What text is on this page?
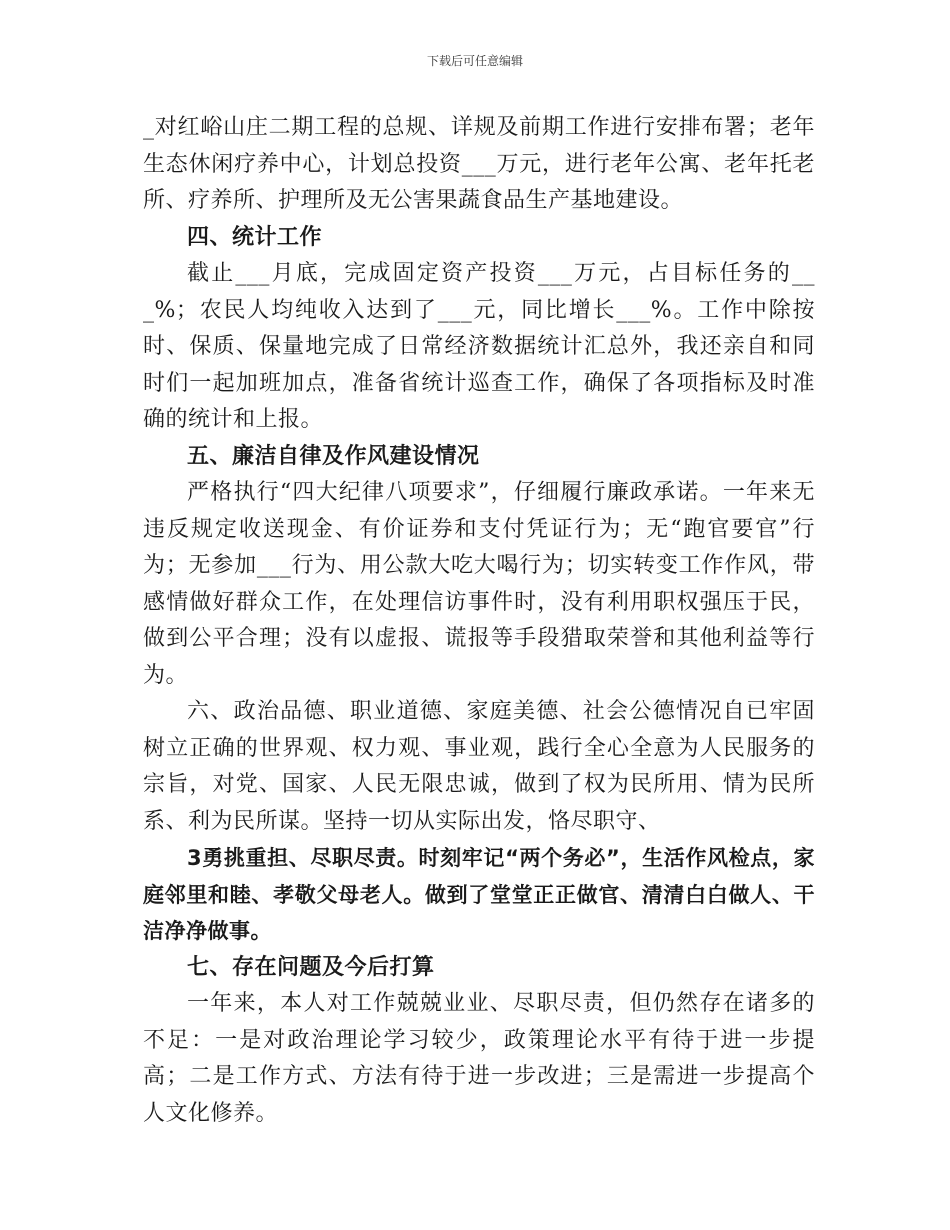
下载后可任意编辑

_对红峪山庄二期工程的总规、详规及前期工作进行安排布署；老年生态休闲疗养中心，计划总投资___万元，进行老年公寓、老年托老所、疗养所、护理所及无公害果蔬食品生产基地建设。

四、统计工作

截止___月底，完成固定资产投资___万元，占目标任务的___%；农民人均纯收入达到了___元，同比增长___%。工作中除按时、保质、保量地完成了日常经济数据统计汇总外，我还亲自和同时们一起加班加点，准备省统计巡查工作，确保了各项指标及时准确的统计和上报。

五、廉洁自律及作风建设情况

严格执行“四大纪律八项要求”，仔细履行廉政承诺。一年来无违反规定收送现金、有价证券和支付凭证行为；无“跑官要官”行为；无参加___行为、用公款大吃大喝行为；切实转变工作作风，带感情做好群众工作，在处理信访事件时，没有利用职权强压于民，做到公平合理；没有以虚报、谎报等手段猎取荣誉和其他利益等行为。

六、政治品德、职业道德、家庭美德、社会公德情况自已牢固树立正确的世界观、权力观、事业观，践行全心全意为人民服务的宗旨，对党、国家、人民无限忠诚，做到了权为民所用、情为民所系、利为民所谋。坚持一切从实际出发，恪尽职守、

3勇挑重担、尽职尽责。时刻牢记“两个务必”，生活作风检点，家庭邻里和睦、孝敬父母老人。做到了堂堂正正做官、清清白白做人、干洁净净做事。

七、存在问题及今后打算

一年来，本人对工作兢兢业业、尽职尽责，但仍然存在诸多的不足：一是对政治理论学习较少，政策理论水平有待于进一步提高；二是工作方式、方法有待于进一步改进；三是需进一步提高个人文化修养。
